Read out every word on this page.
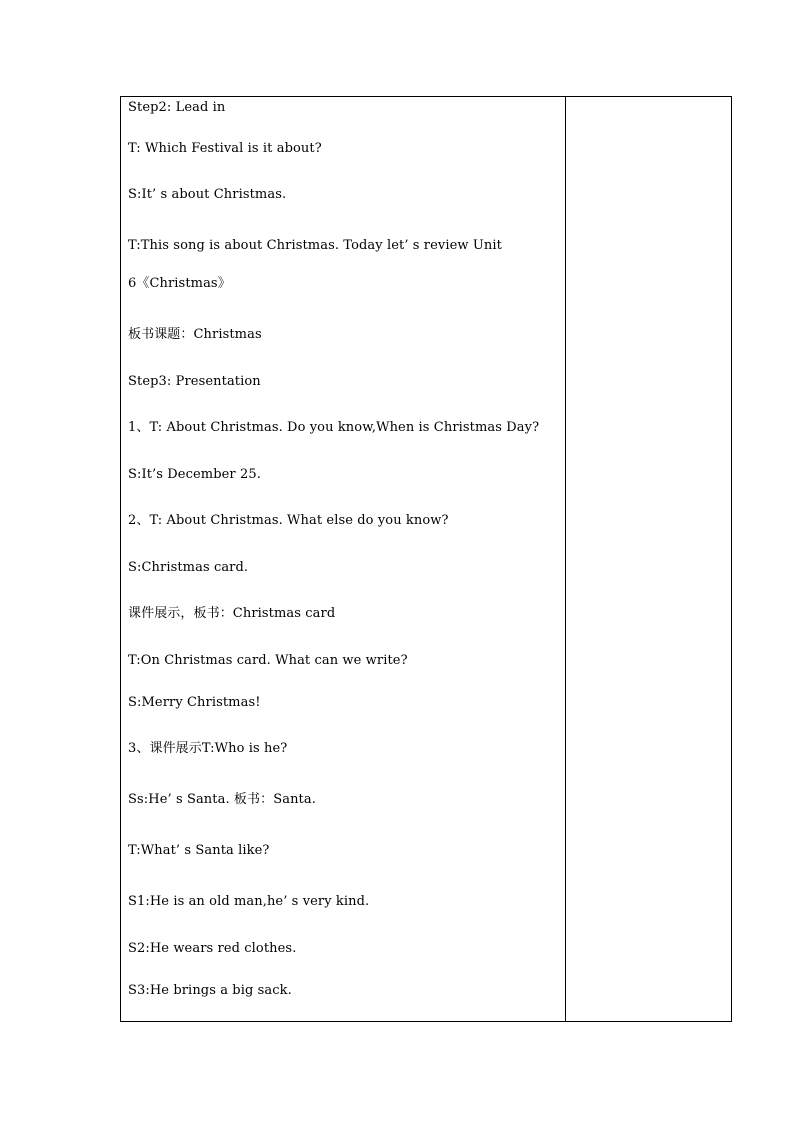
Step2: Lead in
T: Which Festival is it about?
S:It’ s about Christmas.
T:This song is about Christmas. Today let’ s review Unit
6《Christmas》
板书课题：Christmas
Step3: Presentation
1、T: About Christmas. Do you know,When is Christmas Day?
S:It’s December 25.
2、T: About Christmas. What else do you know?
S:Christmas card.
课件展示，板书：Christmas card
T:On Christmas card. What can we write?
S:Merry Christmas!
3、课件展示T:Who is he?
Ss:He’ s Santa. 板书：Santa.
T:What’ s Santa like?
S1:He is an old man,he’ s very kind.
S2:He wears red clothes.
S3:He brings a big sack.
